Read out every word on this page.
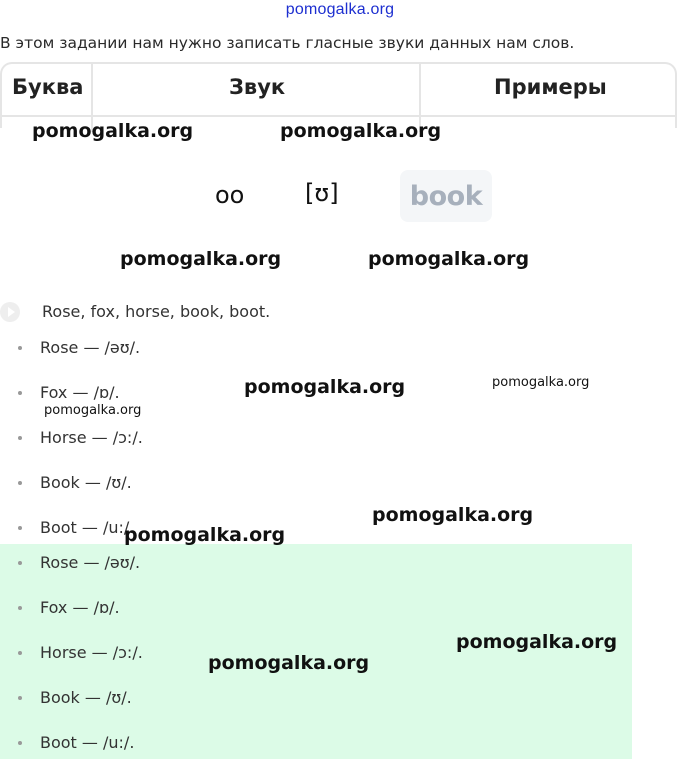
pomogalka.org
В этом задании нам нужно записать гласные звуки данных нам слов.
Буква	Звук	Примеры
pomogalka.org	pomogalka.org
oo	[ʊ]	book
pomogalka.org	pomogalka.org
Rose, fox, horse, book, boot.
Rose — /əʊ/.
Fox — /ɒ/.
Horse — /ɔ:/.
Book — /ʊ/.
Boot — /u:/.
pomogalka.org	pomogalka.org
pomogalka.org
pomogalka.org
Rose — /əʊ/.
Fox — /ɒ/.
Horse — /ɔ:/.
Book — /ʊ/.
Boot — /u:/.
pomogalka.org
pomogalka.org
pomogalka.org
